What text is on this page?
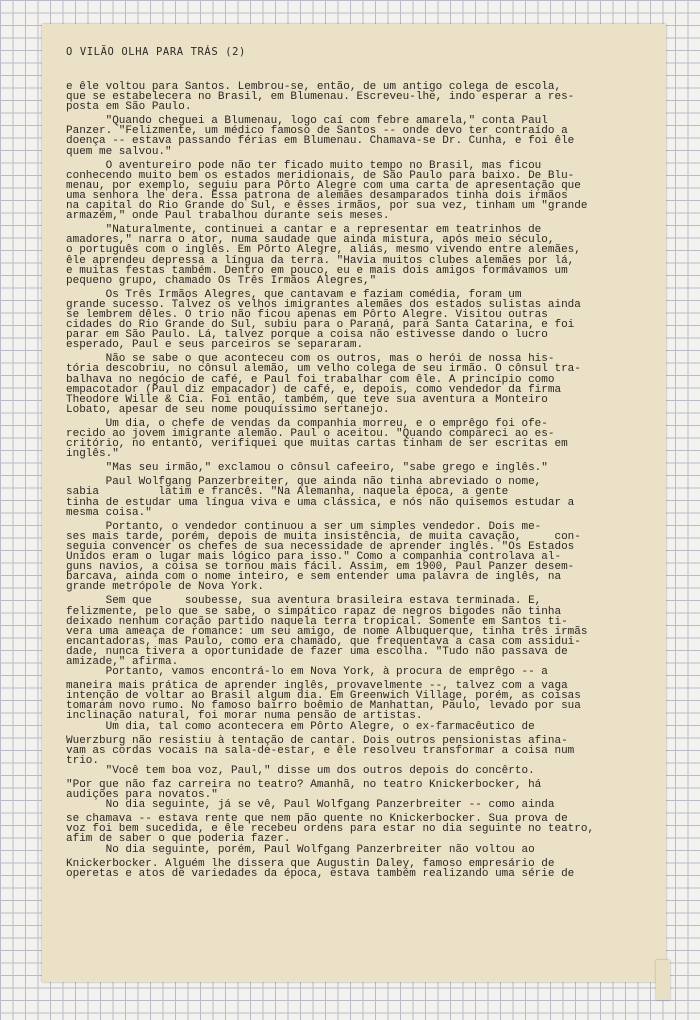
O VILÃO OLHA PARA TRÁS (2)
e êle voltou para Santos. Lembrou-se, então, de um antigo colega de escola,
que se estabelecera no Brasil, em Blumenau. Escreveu-lhe, indo esperar a res-
posta em São Paulo.
"Quando cheguei a Blumenau, logo caí com febre amarela," conta Paul
Panzer. "Felizmente, um médico famoso de Santos -- onde devo ter contraído a
doença -- estava passando férias em Blumenau. Chamava-se Dr. Cunha, e foi êle
quem me salvou."
O aventureiro pode não ter ficado muito tempo no Brasil, mas ficou
conhecendo muito bem os estados meridionais, de São Paulo para baixo. De Blu-
menau, por exemplo, seguiu para Pôrto Alegre com uma carta de apresentação que
uma senhora lhe dera. Essa patrona de alemães desamparados tinha dois irmãos
na capital do Rio Grande do Sul, e êsses irmãos, por sua vez, tinham um "grande
armazém," onde Paul trabalhou durante seis meses.
"Naturalmente, continuei a cantar e a representar em teatrinhos de
amadores," narra o ator, numa saudade que ainda mistura, após meio século,
o português com o inglês. Em Pôrto Alegre, aliás, mesmo vivendo entre alemães,
êle aprendeu depressa a língua da terra. "Havia muitos clubes alemães por lá,
e muitas festas também. Dentro em pouco, eu e mais dois amigos formávamos um
pequeno grupo, chamado Os Três Irmãos Alegres,"
Os Três Irmãos Alegres, que cantavam e faziam comédia, foram um
grande sucesso. Talvez os velhos imigrantes alemães dos estados sulistas ainda
se lembrem dêles. O trio não ficou apenas em Pôrto Alegre. Visitou outras
cidades do Rio Grande do Sul, subiu para o Paraná, para Santa Catarina, e foi
parar em São Paulo. Lá, talvez porque a coisa não estivesse dando o lucro
esperado, Paul e seus parceiros se separaram.
Não se sabe o que aconteceu com os outros, mas o herói de nossa his-
tória descobriu, no cônsul alemão, um velho colega de seu irmão. O cônsul tra-
balhava no negócio de café, e Paul foi trabalhar com êle. A princípio como
empacotador (Paul diz empacador) de café, e, depois, como vendedor da firma
Theodore Wille & Cia. Foi então, também, que teve sua aventura a Monteiro
Lobato, apesar de seu nome pouquíssimo sertanejo.
Um dia, o chefe de vendas da companhia morreu, e o emprêgo foi ofe-
recido ao jovem imigrante alemão. Paul o aceitou. "Quando compareci ao es-
critório, no entanto, verifiquei que muitas cartas tinham de ser escritas em
inglês."
"Mas seu irmão," exclamou o cônsul cafeeiro, "sabe grego e inglês."
Paul Wolfgang Panzerbreiter, que ainda não tinha abreviado o nome,
sabia         latim e francês. "Na Alemanha, naquela época, a gente
tinha de estudar uma língua viva e uma clássica, e nós não quisemos estudar a
mesma coisa."
Portanto, o vendedor continuou a ser um simples vendedor. Dois me-
ses mais tarde, porém, depois de muita insistência, de muita cavação,     con-
seguia convencer os chefes de sua necessidade de aprender inglês. "Os Estados
Unidos eram o lugar mais lógico para isso." Como a companhia controlava al-
guns navios, a coisa se tornou mais fácil. Assim, em 1900, Paul Panzer desem-
barcava, ainda com o nome inteiro, e sem entender uma palavra de inglês, na
grande metrópole de Nova York.
Sem que     soubesse, sua aventura brasileira estava terminada. E,
felizmente, pelo que se sabe, o simpático rapaz de negros bigodes não tinha
deixado nenhum coração partido naquela terra tropical. Somente em Santos ti-
vera uma ameaça de romance: um seu amigo, de nome Albuquerque, tinha três irmãs
encantadoras, mas Paulo, como era chamado, que frequentava a casa com assidui-
dade, nunca tivera a oportunidade de fazer uma escolha. "Tudo não passava de
amizade," afirma.
Portanto, vamos encontrá-lo em Nova York, à procura de emprêgo -- a
maneira mais prática de aprender inglês, provavelmente --, talvez com a vaga
intenção de voltar ao Brasil algum dia. Em Greenwich Village, porém, as coisas
tomaram novo rumo. No famoso bairro boêmio de Manhattan, Paulo, levado por sua
inclinação natural, foi morar numa pensão de artistas.
Um dia, tal como acontecera em Pôrto Alegre, o ex-farmacêutico de
Wuerzburg não resistiu à tentação de cantar. Dois outros pensionistas afina-
vam as cordas vocais na sala-de-estar, e êle resolveu transformar a coisa num
trio.
"Você tem boa voz, Paul," disse um dos outros depois do concêrto.
"Por que não faz carreira no teatro? Amanhã, no teatro Knickerbocker, há
audições para novatos."
No dia seguinte, já se vê, Paul Wolfgang Panzerbreiter -- como ainda
se chamava -- estava rente que nem pão quente no Knickerbocker. Sua prova de
voz foi bem sucedida, e êle recebeu ordens para estar no dia seguinte no teatro,
afim de saber o que poderia fazer.
No dia seguinte, porém, Paul Wolfgang Panzerbreiter não voltou ao
Knickerbocker. Alguém lhe dissera que Augustin Daley, famoso empresário de
operetas e atos de variedades da época, estava também realizando uma série de
